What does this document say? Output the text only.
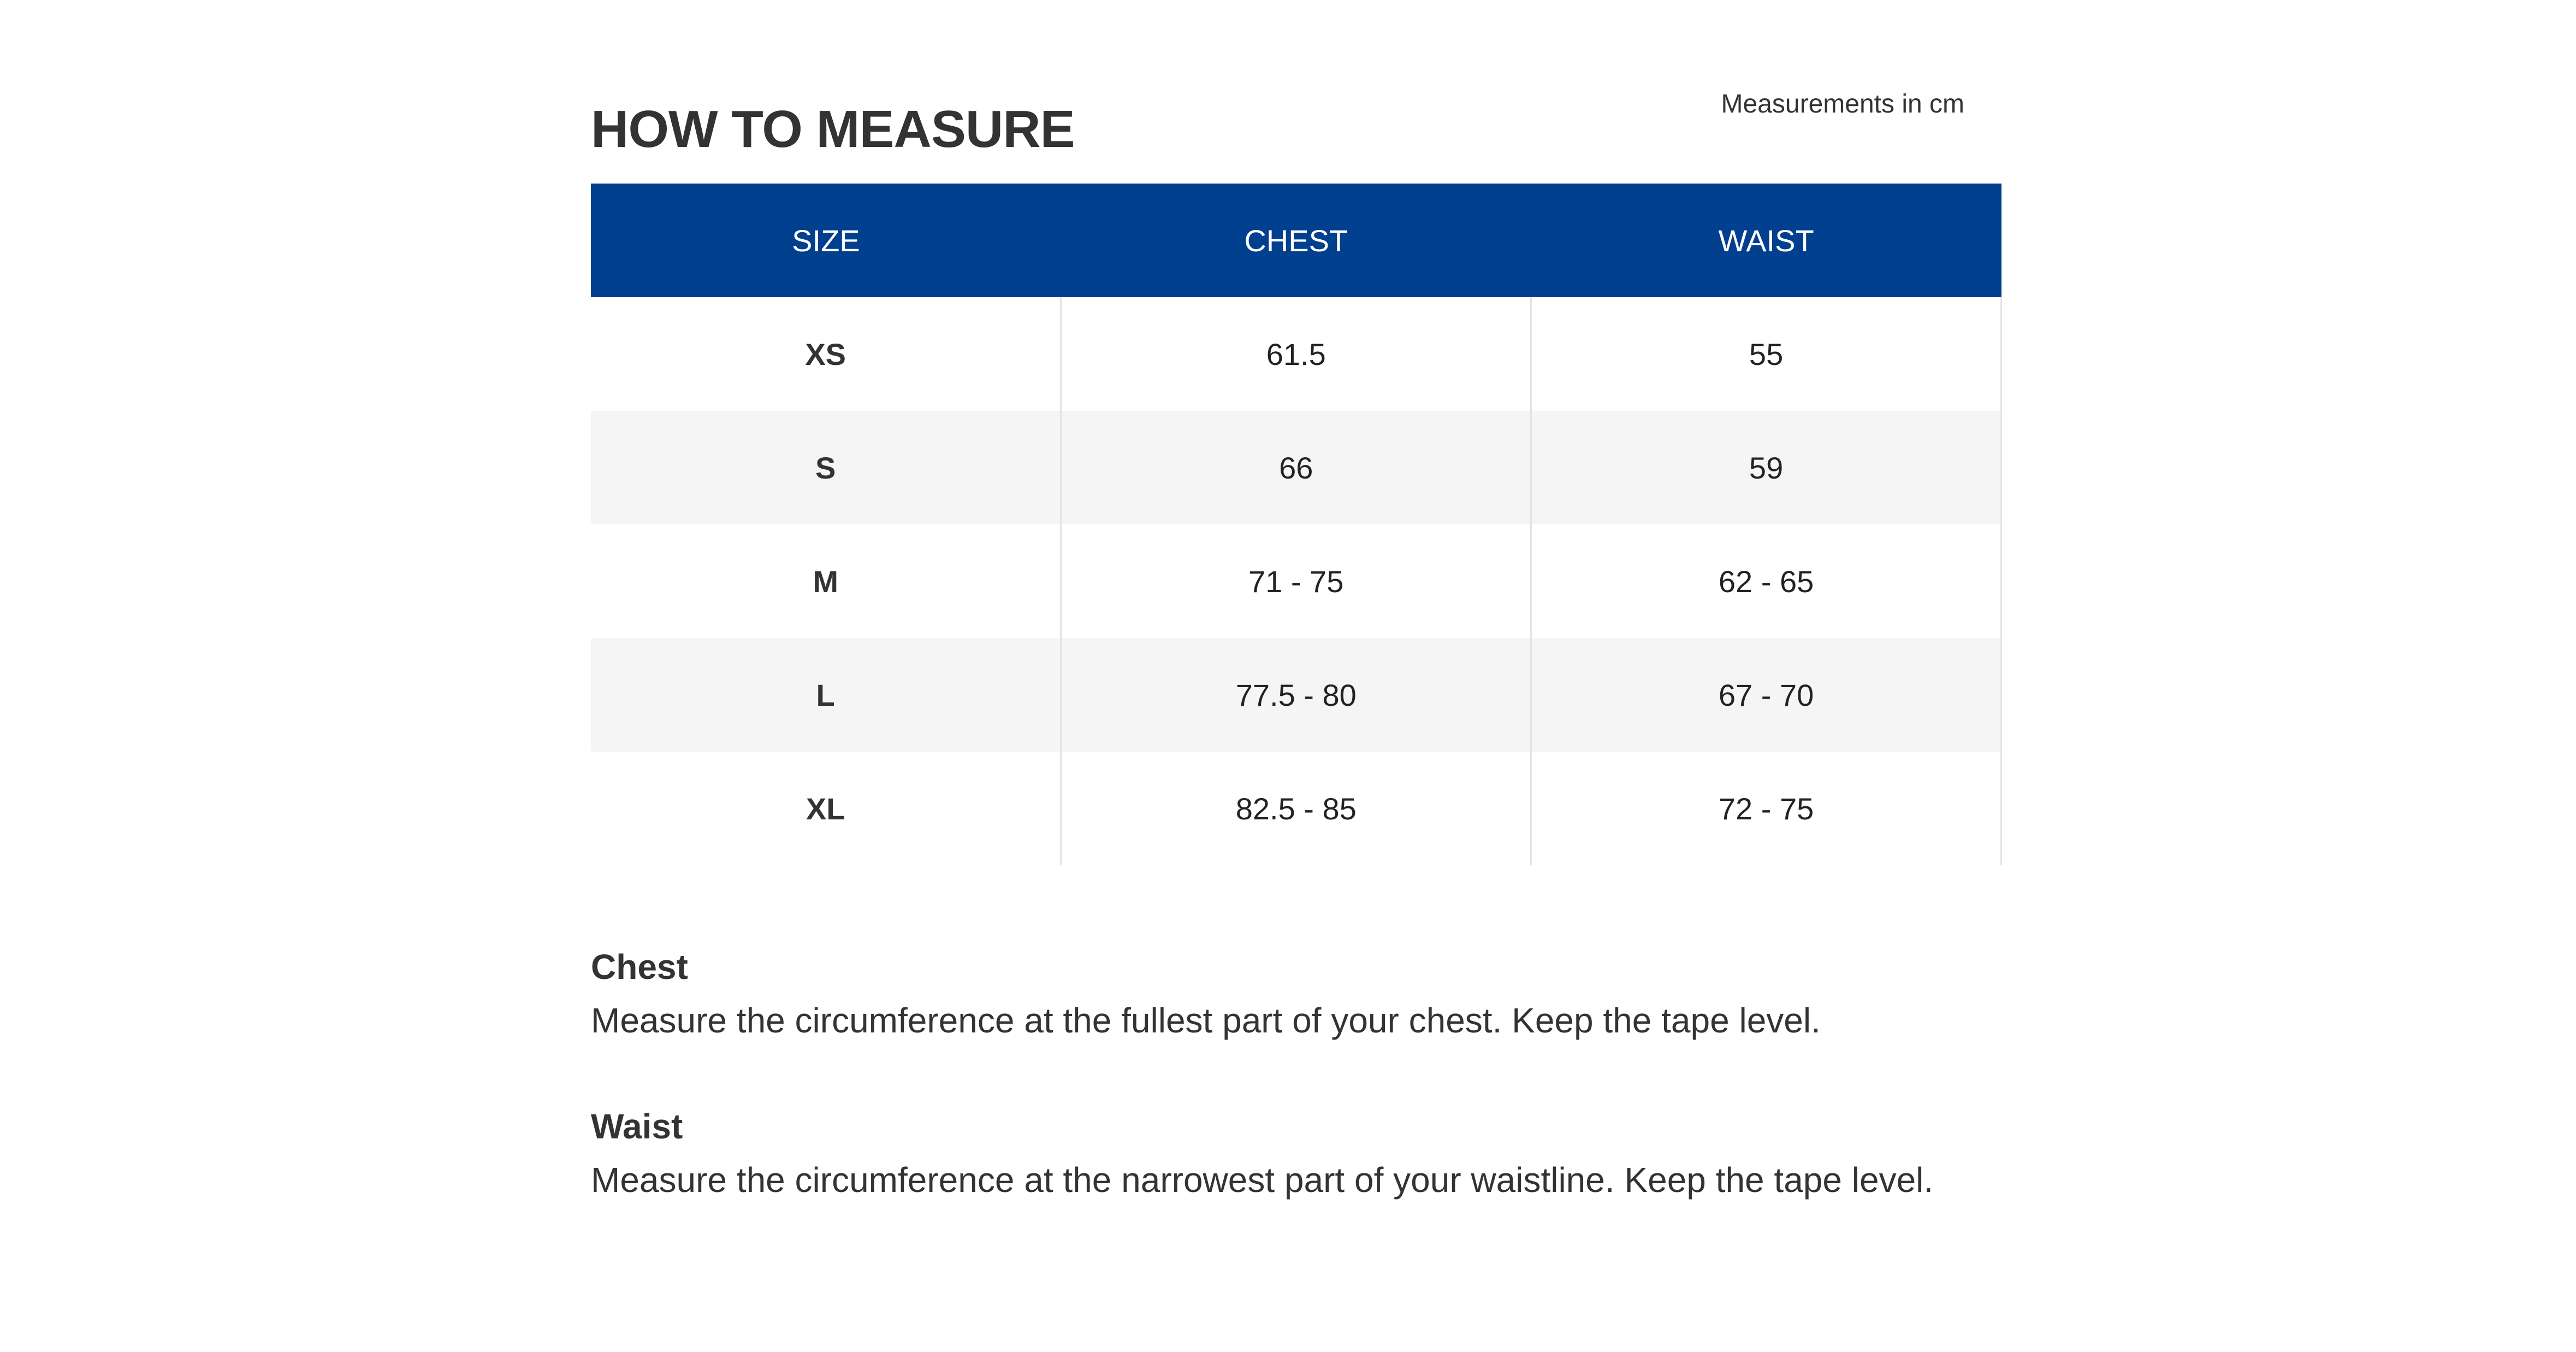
HOW TO MEASURE	Measurements in cm
SIZE	CHEST	WAIST
XS	61.5	55
S	66	59
M	71 - 75	62 - 65
L	77.5 - 80	67 - 70
XL	82.5 - 85	72 - 75
Chest
Measure the circumference at the fullest part of your chest. Keep the tape level.
Waist
Measure the circumference at the narrowest part of your waistline. Keep the tape level.
